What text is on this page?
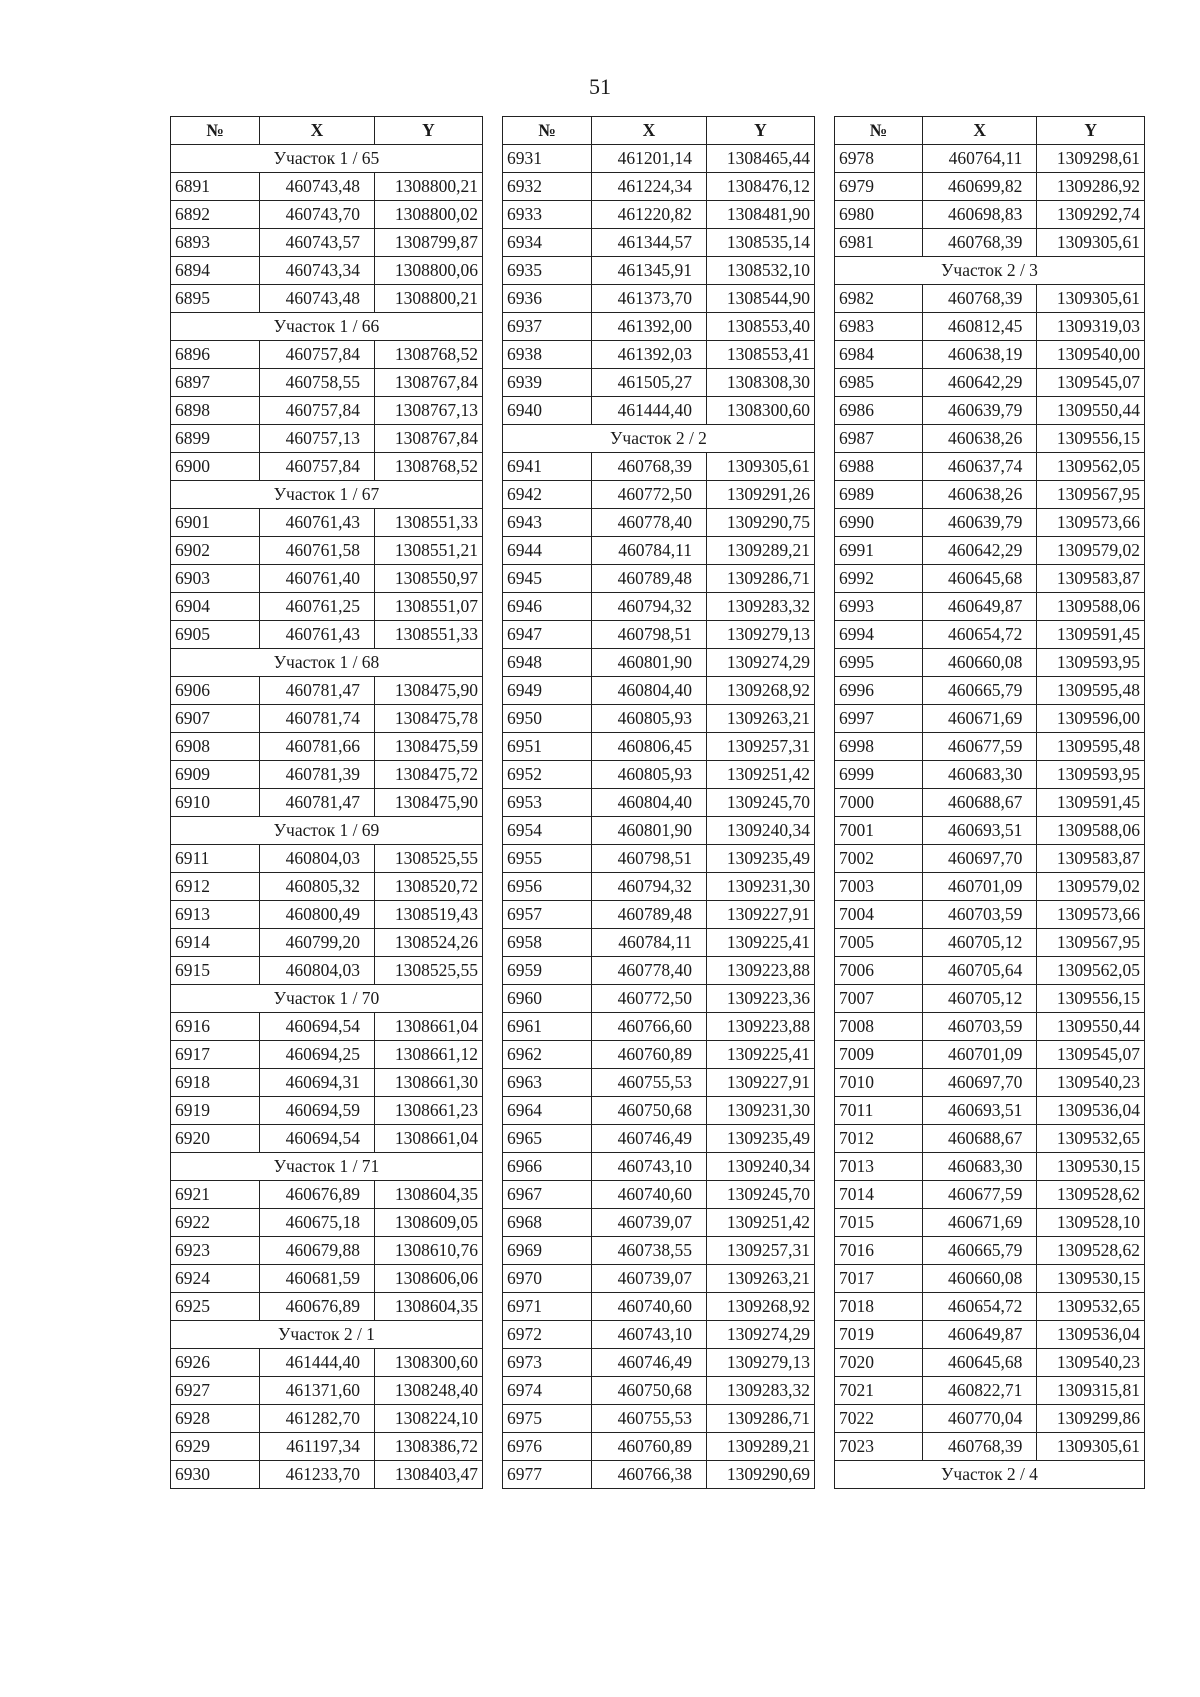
51
№	X	Y
Участок 1 / 65		
6891	460743,48	1308800,21
6892	460743,70	1308800,02
6893	460743,57	1308799,87
6894	460743,34	1308800,06
6895	460743,48	1308800,21
Участок 1 / 66		
6896	460757,84	1308768,52
6897	460758,55	1308767,84
6898	460757,84	1308767,13
6899	460757,13	1308767,84
6900	460757,84	1308768,52
Участок 1 / 67		
6901	460761,43	1308551,33
6902	460761,58	1308551,21
6903	460761,40	1308550,97
6904	460761,25	1308551,07
6905	460761,43	1308551,33
Участок 1 / 68		
6906	460781,47	1308475,90
6907	460781,74	1308475,78
6908	460781,66	1308475,59
6909	460781,39	1308475,72
6910	460781,47	1308475,90
Участок 1 / 69		
6911	460804,03	1308525,55
6912	460805,32	1308520,72
6913	460800,49	1308519,43
6914	460799,20	1308524,26
6915	460804,03	1308525,55
Участок 1 / 70		
6916	460694,54	1308661,04
6917	460694,25	1308661,12
6918	460694,31	1308661,30
6919	460694,59	1308661,23
6920	460694,54	1308661,04
Участок 1 / 71		
6921	460676,89	1308604,35
6922	460675,18	1308609,05
6923	460679,88	1308610,76
6924	460681,59	1308606,06
6925	460676,89	1308604,35
Участок 2 / 1		
6926	461444,40	1308300,60
6927	461371,60	1308248,40
6928	461282,70	1308224,10
6929	461197,34	1308386,72
6930	461233,70	1308403,47
№	X	Y
6931	461201,14	1308465,44
6932	461224,34	1308476,12
6933	461220,82	1308481,90
6934	461344,57	1308535,14
6935	461345,91	1308532,10
6936	461373,70	1308544,90
6937	461392,00	1308553,40
6938	461392,03	1308553,41
6939	461505,27	1308308,30
6940	461444,40	1308300,60
Участок 2 / 2		
6941	460768,39	1309305,61
6942	460772,50	1309291,26
6943	460778,40	1309290,75
6944	460784,11	1309289,21
6945	460789,48	1309286,71
6946	460794,32	1309283,32
6947	460798,51	1309279,13
6948	460801,90	1309274,29
6949	460804,40	1309268,92
6950	460805,93	1309263,21
6951	460806,45	1309257,31
6952	460805,93	1309251,42
6953	460804,40	1309245,70
6954	460801,90	1309240,34
6955	460798,51	1309235,49
6956	460794,32	1309231,30
6957	460789,48	1309227,91
6958	460784,11	1309225,41
6959	460778,40	1309223,88
6960	460772,50	1309223,36
6961	460766,60	1309223,88
6962	460760,89	1309225,41
6963	460755,53	1309227,91
6964	460750,68	1309231,30
6965	460746,49	1309235,49
6966	460743,10	1309240,34
6967	460740,60	1309245,70
6968	460739,07	1309251,42
6969	460738,55	1309257,31
6970	460739,07	1309263,21
6971	460740,60	1309268,92
6972	460743,10	1309274,29
6973	460746,49	1309279,13
6974	460750,68	1309283,32
6975	460755,53	1309286,71
6976	460760,89	1309289,21
6977	460766,38	1309290,69
№	X	Y
6978	460764,11	1309298,61
6979	460699,82	1309286,92
6980	460698,83	1309292,74
6981	460768,39	1309305,61
Участок 2 / 3		
6982	460768,39	1309305,61
6983	460812,45	1309319,03
6984	460638,19	1309540,00
6985	460642,29	1309545,07
6986	460639,79	1309550,44
6987	460638,26	1309556,15
6988	460637,74	1309562,05
6989	460638,26	1309567,95
6990	460639,79	1309573,66
6991	460642,29	1309579,02
6992	460645,68	1309583,87
6993	460649,87	1309588,06
6994	460654,72	1309591,45
6995	460660,08	1309593,95
6996	460665,79	1309595,48
6997	460671,69	1309596,00
6998	460677,59	1309595,48
6999	460683,30	1309593,95
7000	460688,67	1309591,45
7001	460693,51	1309588,06
7002	460697,70	1309583,87
7003	460701,09	1309579,02
7004	460703,59	1309573,66
7005	460705,12	1309567,95
7006	460705,64	1309562,05
7007	460705,12	1309556,15
7008	460703,59	1309550,44
7009	460701,09	1309545,07
7010	460697,70	1309540,23
7011	460693,51	1309536,04
7012	460688,67	1309532,65
7013	460683,30	1309530,15
7014	460677,59	1309528,62
7015	460671,69	1309528,10
7016	460665,79	1309528,62
7017	460660,08	1309530,15
7018	460654,72	1309532,65
7019	460649,87	1309536,04
7020	460645,68	1309540,23
7021	460822,71	1309315,81
7022	460770,04	1309299,86
7023	460768,39	1309305,61
Участок 2 / 4		
